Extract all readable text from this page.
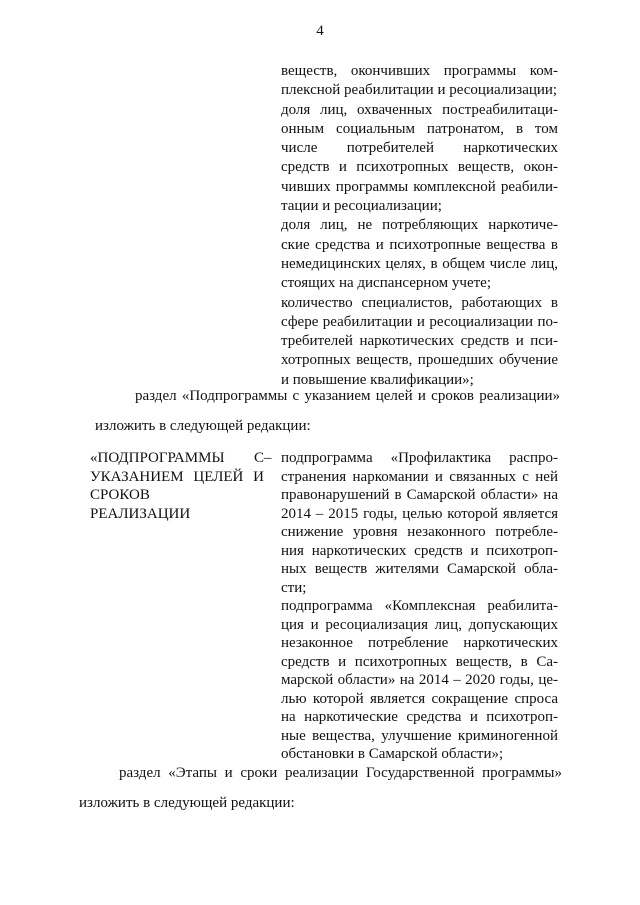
4
веществ, окончивших программы ком-
плексной реабилитации и ресоциализации;
доля лиц, охваченных постреабилитаци-
онным социальным патронатом, в том
числе потребителей наркотических
средств и психотропных веществ, окон-
чивших программы комплексной реабили-
тации и ресоциализации;
доля лиц, не потребляющих наркотиче-
ские средства и психотропные вещества в
немедицинских целях, в общем числе лиц,
стоящих на диспансерном учете;
количество специалистов, работающих в
сфере реабилитации и ресоциализации по-
требителей наркотических средств и пси-
хотропных веществ, прошедших обучение
и повышение квалификации»;
раздел «Подпрограммы с указанием целей и сроков реализации»
изложить в следующей редакции:
«ПОДПРОГРАММЫ С
УКАЗАНИЕМ ЦЕЛЕЙ И
СРОКОВ
РЕАЛИЗАЦИИ
– подпрограмма «Профилактика распро-
странения наркомании и связанных с ней
правонарушений в Самарской области» на
2014 – 2015 годы, целью которой является
снижение уровня незаконного потребле-
ния наркотических средств и психотроп-
ных веществ жителями Самарской обла-
сти;
подпрограмма «Комплексная реабилита-
ция и ресоциализация лиц, допускающих
незаконное потребление наркотических
средств и психотропных веществ, в Са-
марской области» на 2014 – 2020 годы, це-
лью которой является сокращение спроса
на наркотические средства и психотроп-
ные вещества, улучшение криминогенной
обстановки в Самарской области»;
раздел «Этапы и сроки реализации Государственной программы»
изложить в следующей редакции:
